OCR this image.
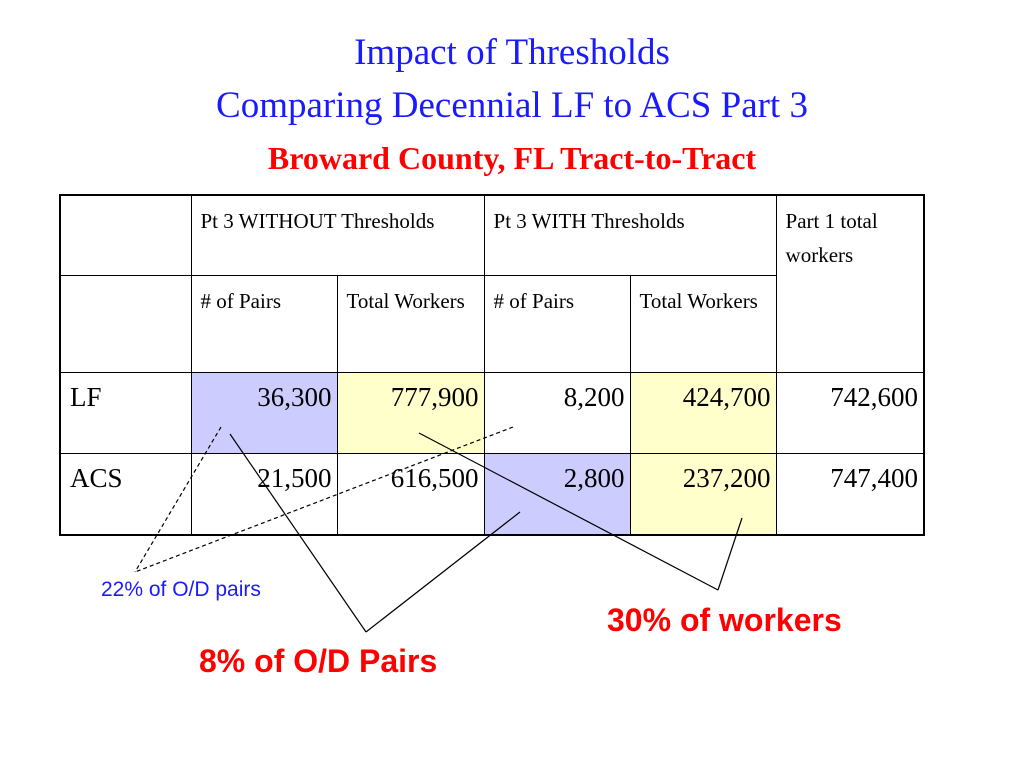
Impact of Thresholds
Comparing Decennial LF to ACS Part 3
Broward County, FL Tract-to-Tract
	Pt 3 WITHOUT Thresholds		Pt 3 WITH Thresholds		Part 1 total workers
	# of Pairs	Total Workers	# of Pairs	Total Workers	
LF	36,300	777,900	8,200	424,700	742,600
ACS	21,500	616,500	2,800	237,200	747,400
22% of O/D pairs
30% of workers
8% of O/D Pairs
